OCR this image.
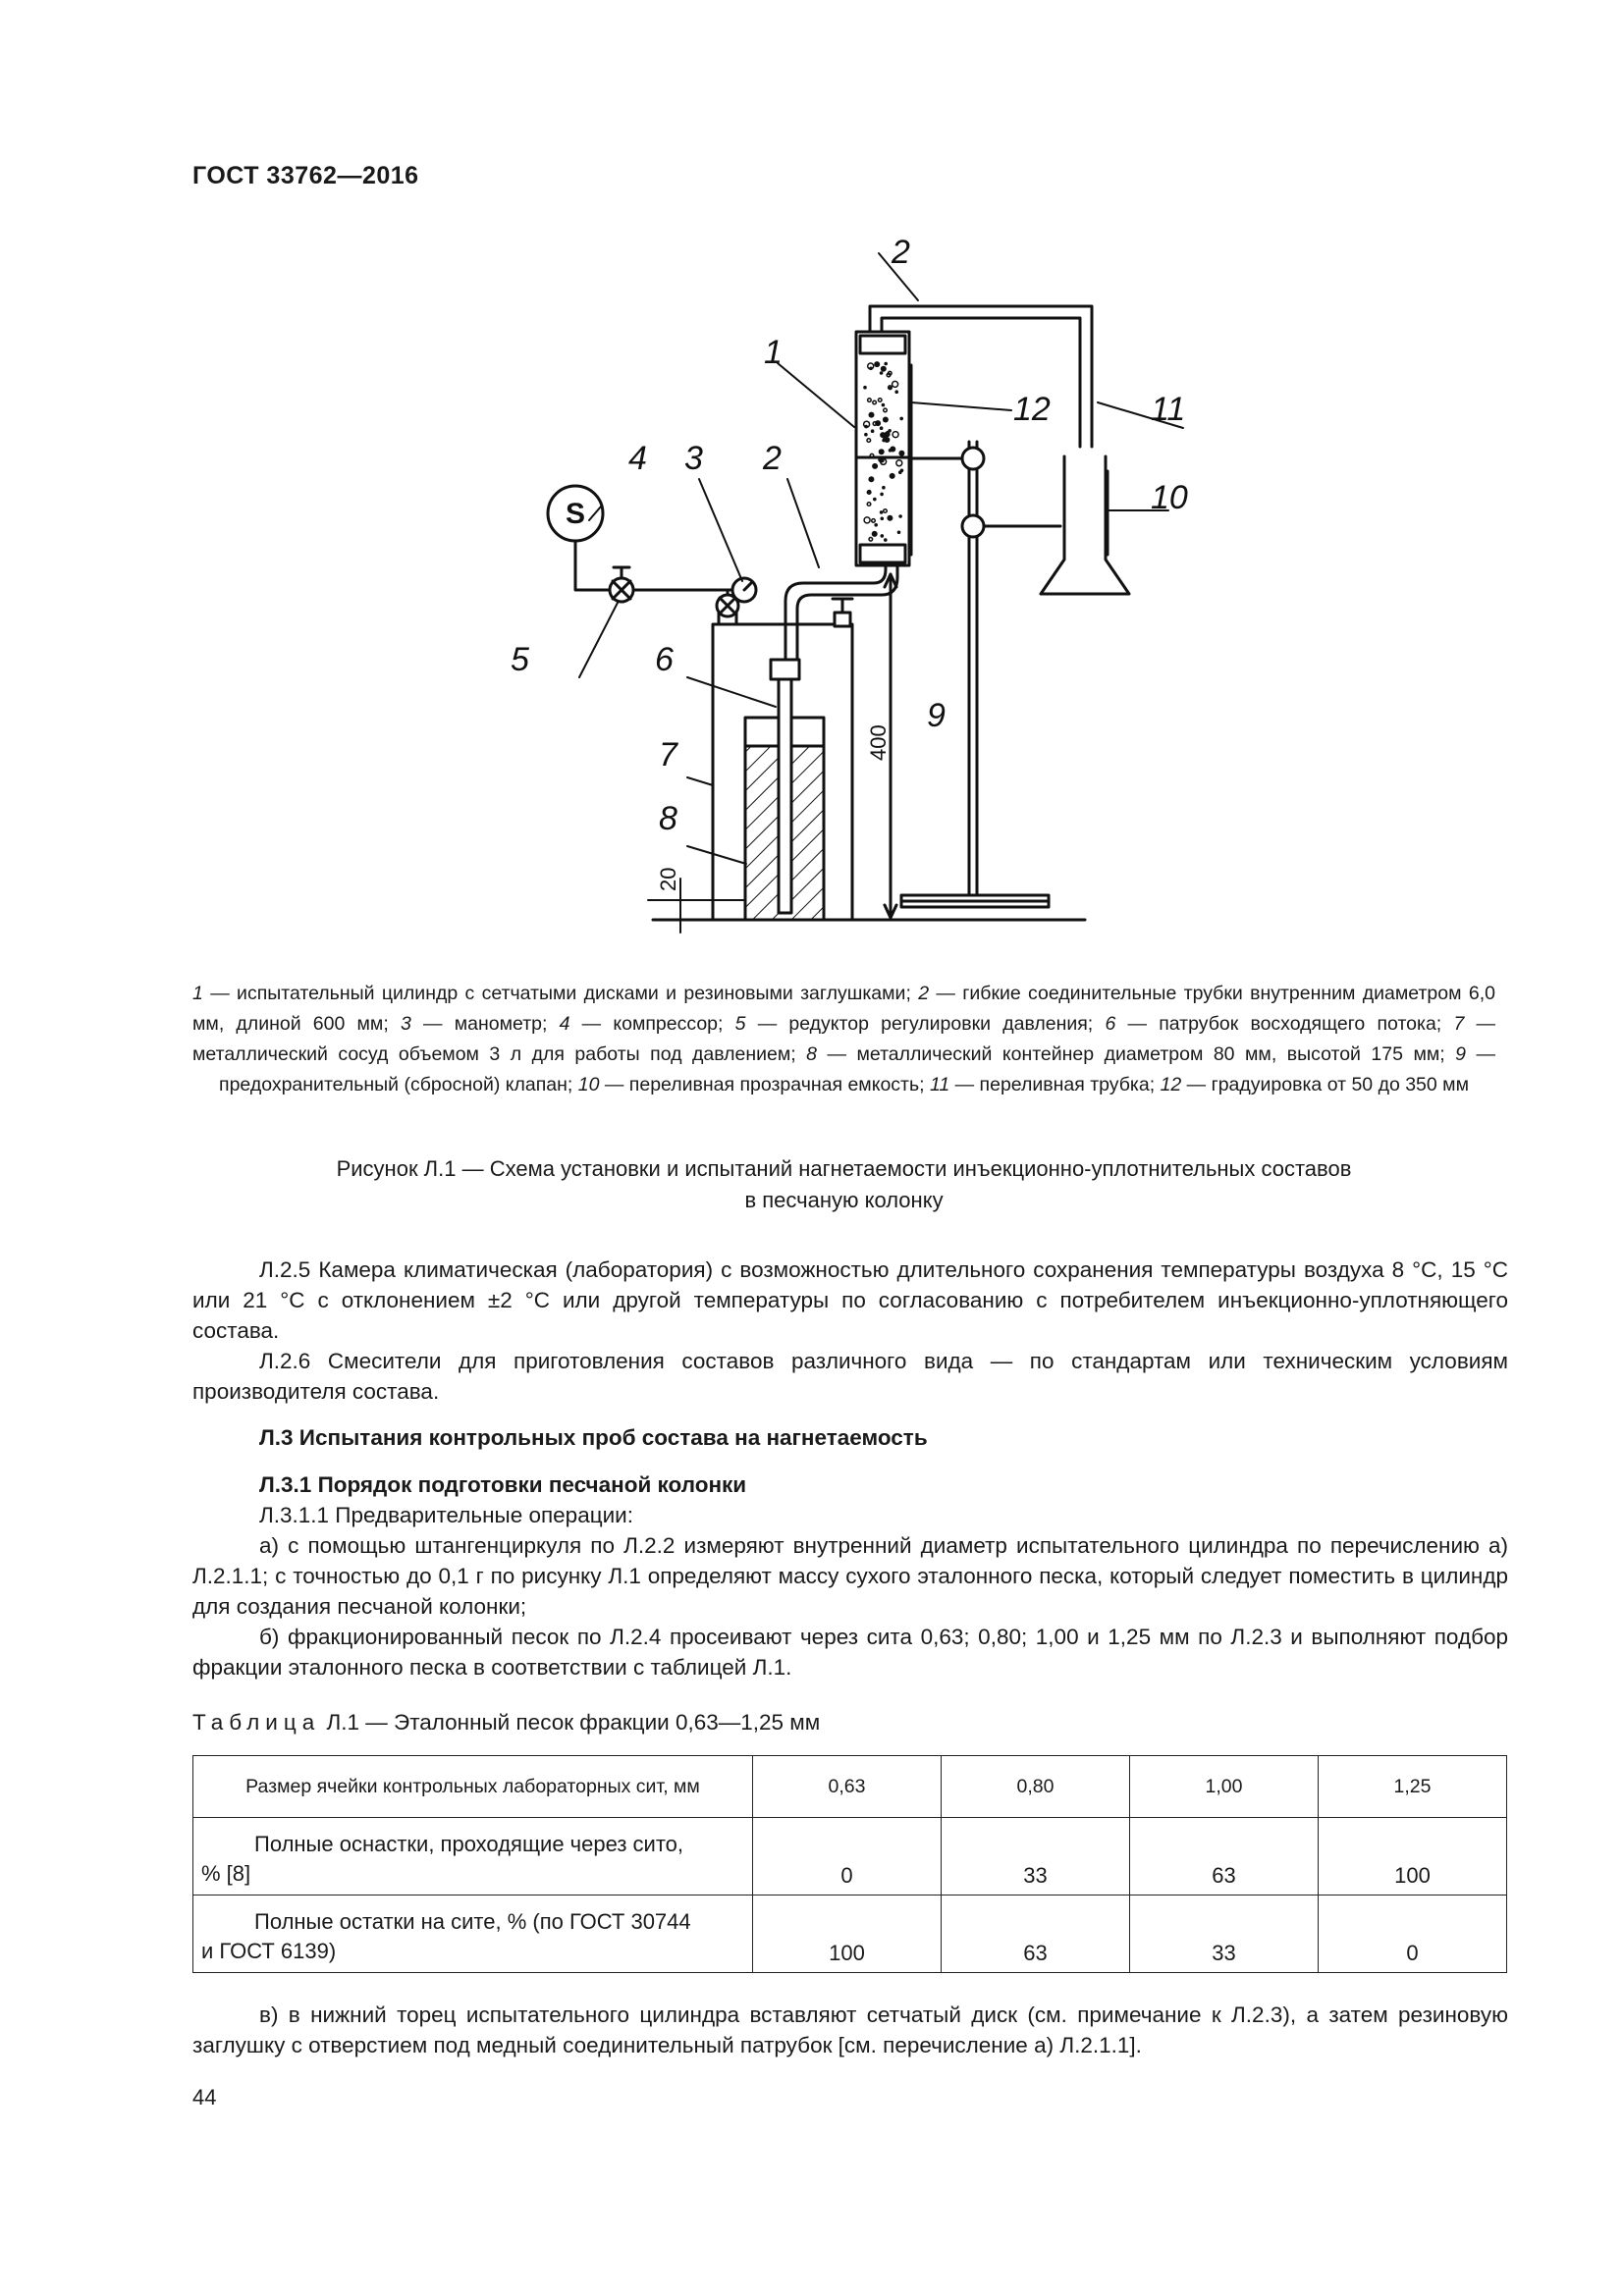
ГОСТ 33762—2016
2
1
12	11
10
4 3 2
5	6
7
8
9
S
400
20
1 — испытательный цилиндр с сетчатыми дисками и резиновыми заглушками; 2 — гибкие соединительные трубки внутренним диаметром 6,0 мм, длиной 600 мм; 3 — манометр; 4 — компрессор; 5 — редуктор регулировки давления; 6 — патрубок восходящего потока; 7 — металлический сосуд объемом 3 л для работы под давлением; 8 — металлический контейнер диаметром 80 мм, высотой 175 мм; 9 — предохранительный (сбросной) клапан; 10 — переливная прозрачная емкость; 11 — переливная трубка; 12 — градуировка от 50 до 350 мм
Рисунок Л.1 — Схема установки и испытаний нагнетаемости инъекционно-уплотнительных составов
в песчаную колонку

Л.2.5 Камера климатическая (лаборатория) с возможностью длительного сохранения температуры воздуха 8 °С, 15 °С или 21 °С с отклонением ±2 °С или другой температуры по согласованию с потребителем инъекционно-уплотняющего состава.

Л.2.6 Смесители для приготовления составов различного вида — по стандартам или техническим условиям производителя состава.

Л.3 Испытания контрольных проб состава на нагнетаемость

Л.3.1 Порядок подготовки песчаной колонки

Л.3.1.1 Предварительные операции:

а) с помощью штангенциркуля по Л.2.2 измеряют внутренний диаметр испытательного цилиндра по перечислению а) Л.2.1.1; с точностью до 0,1 г по рисунку Л.1 определяют массу сухого эталонного песка, который следует поместить в цилиндр для создания песчаной колонки;

б) фракционированный песок по Л.2.4 просеивают через сита 0,63; 0,80; 1,00 и 1,25 мм по Л.2.3 и выполняют подбор фракции эталонного песка в соответствии с таблицей Л.1.

Таблица Л.1 — Эталонный песок фракции 0,63—1,25 мм
Размер ячейки контрольных лабораторных сит, мм	0,63	0,80	1,00	1,25

Полные оснастки, проходящие через сито,
% [8]	0	33	63	100

Полные остатки на сите, % (по ГОСТ 30744
и ГОСТ 6139)	100	63	33	0

в) в нижний торец испытательного цилиндра вставляют сетчатый диск (см. примечание к Л.2.3), а затем резиновую заглушку с отверстием под медный соединительный патрубок [см. перечисление а) Л.2.1.1].

44
